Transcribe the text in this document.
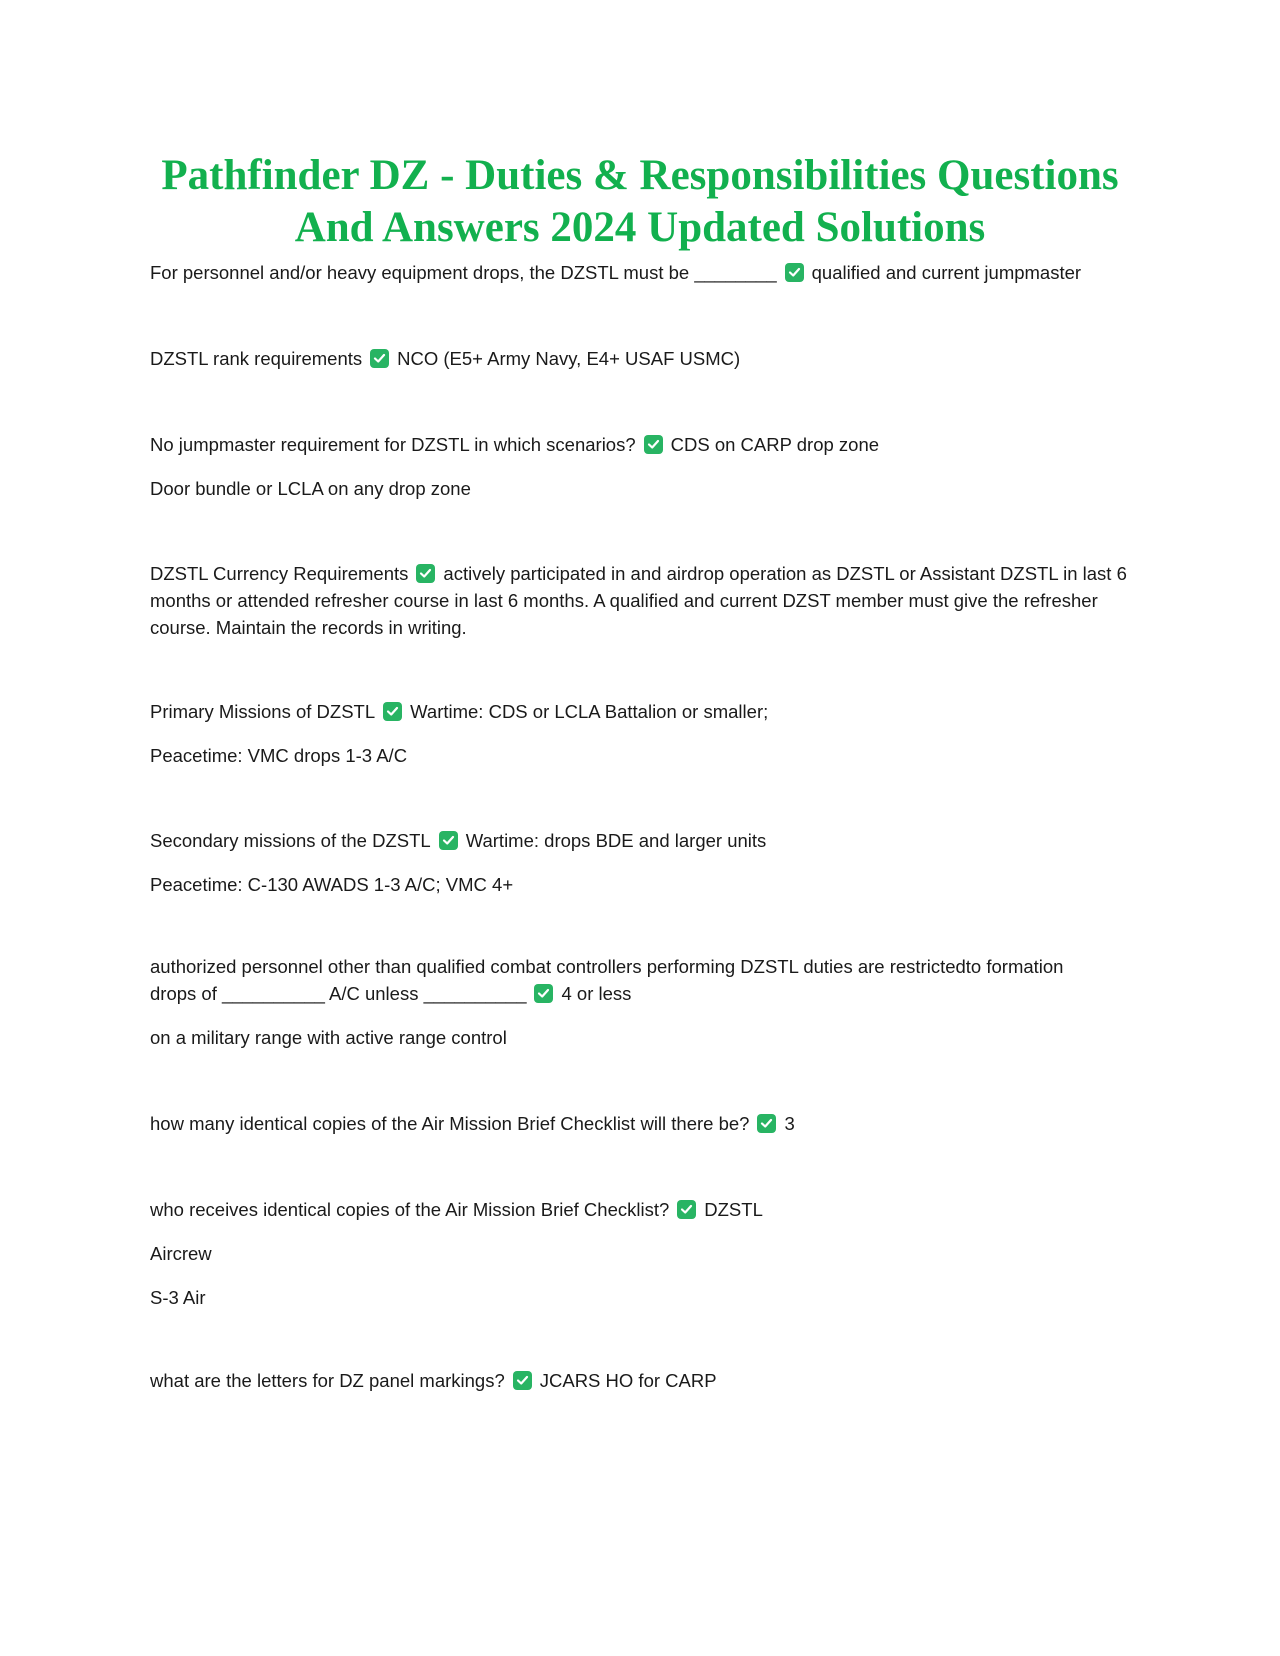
Pathfinder DZ - Duties & Responsibilities Questions And Answers 2024 Updated Solutions
For personnel and/or heavy equipment drops, the DZSTL must be ________ qualified and current jumpmaster
DZSTL rank requirements NCO (E5+ Army Navy, E4+ USAF USMC)
No jumpmaster requirement for DZSTL in which scenarios? CDS on CARP drop zone
Door bundle or LCLA on any drop zone
DZSTL Currency Requirements actively participated in and airdrop operation as DZSTL or Assistant DZSTL in last 6 months or attended refresher course in last 6 months. A qualified and current DZST member must give the refresher course. Maintain the records in writing.
Primary Missions of DZSTL Wartime: CDS or LCLA Battalion or smaller;
Peacetime: VMC drops 1-3 A/C
Secondary missions of the DZSTL Wartime: drops BDE and larger units
Peacetime: C-130 AWADS 1-3 A/C; VMC 4+
authorized personnel other than qualified combat controllers performing DZSTL duties are restrictedto formation
drops of __________ A/C unless __________ 4 or less
on a military range with active range control
how many identical copies of the Air Mission Brief Checklist will there be? 3
who receives identical copies of the Air Mission Brief Checklist? DZSTL
Aircrew
S-3 Air
what are the letters for DZ panel markings? JCARS HO for CARP
